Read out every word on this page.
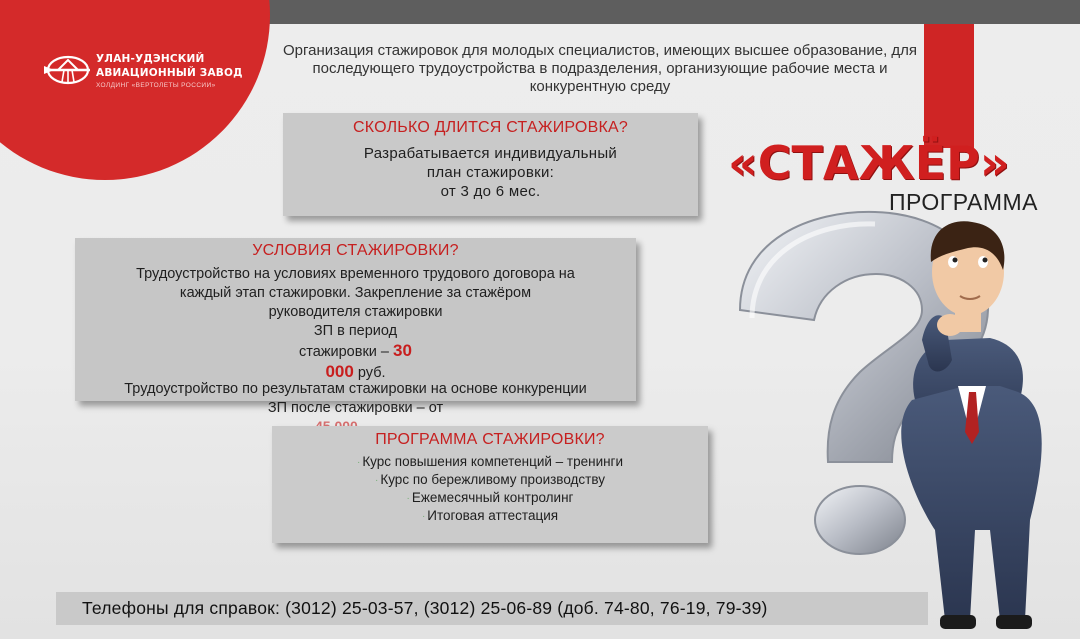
УЛАН-УДЭНСКИЙ
АВИАЦИОННЫЙ ЗАВОД
ХОЛДИНГ «ВЕРТОЛЕТЫ РОССИИ»
Организация стажировок для молодых специалистов, имеющих высшее образование, для последующего трудоустройства в подразделения, организующие рабочие места и конкурентную среду
«СТАЖЁР»
ПРОГРАММА
СКОЛЬКО ДЛИТСЯ СТАЖИРОВКА?
Разрабатывается индивидуальный
план стажировки:
от 3 до 6 мес.
УСЛОВИЯ СТАЖИРОВКИ?
Трудоустройство на условиях временного трудового договора на
каждый этап стажировки. Закрепление за стажёром
руководителя стажировки
ЗП в период
стажировки – 30
000 руб.
Трудоустройство по результатам стажировки на основе конкуренции
ЗП после стажировки – от
ПРОГРАММА СТАЖИРОВКИ?
· Курс повышения компетенций – тренинги
· Курс по бережливому производству
· Ежемесячный контролинг
· Итоговая аттестация
Телефоны для справок: (3012) 25-03-57, (3012) 25-06-89 (доб. 74-80, 76-19, 79-39)
